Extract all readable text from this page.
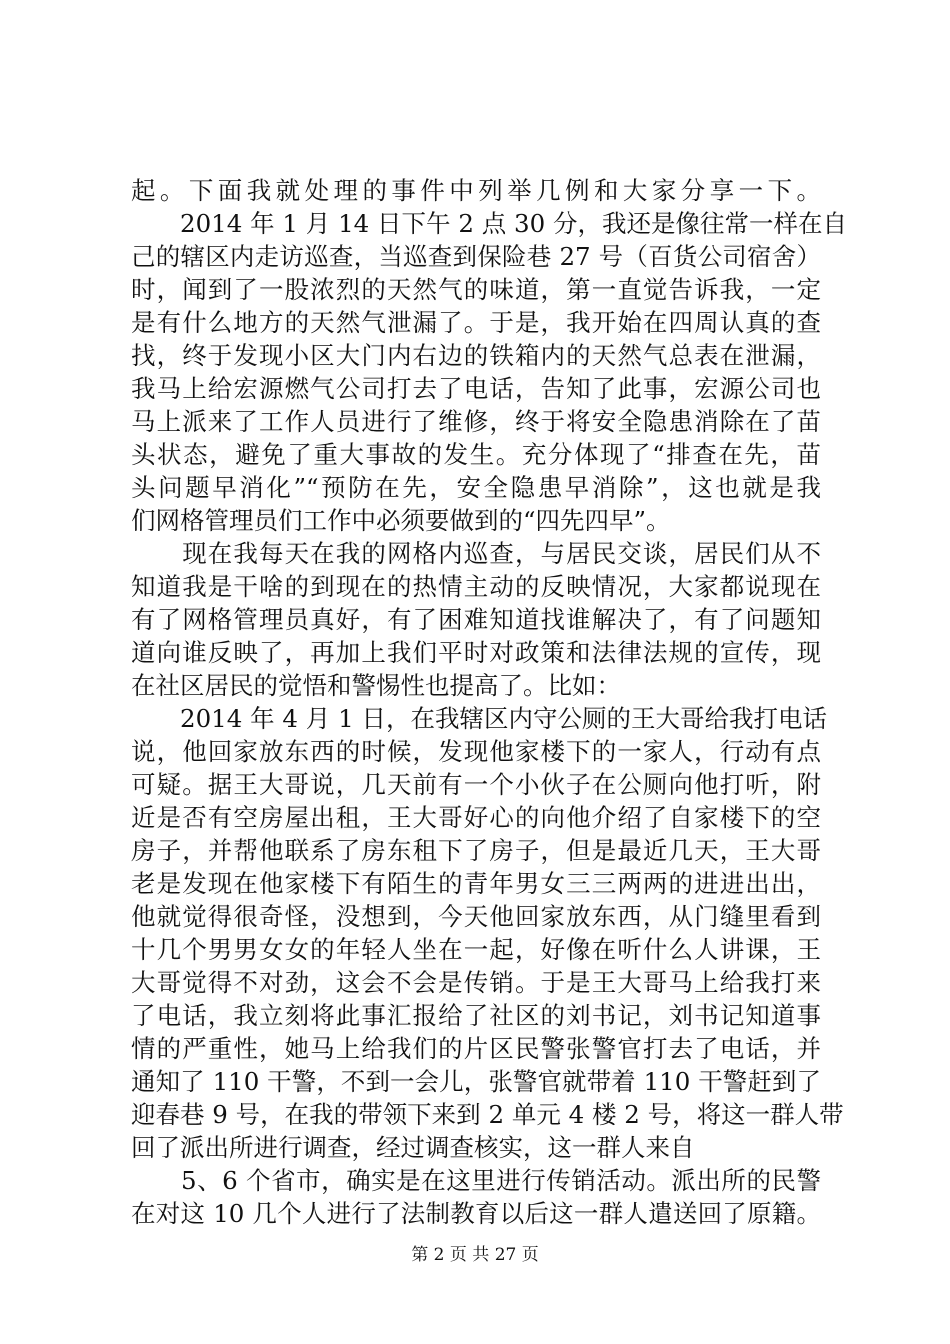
起。下面我就处理的事件中列举几例和大家分享一下。
　　2014 年 1 月 14 日下午 2 点 30 分，我还是像往常一样在自
己的辖区内走访巡查，当巡查到保险巷 27 号（百货公司宿舍）
时，闻到了一股浓烈的天然气的味道，第一直觉告诉我，一定
是有什么地方的天然气泄漏了。于是，我开始在四周认真的查
找，终于发现小区大门内右边的铁箱内的天然气总表在泄漏，
我马上给宏源燃气公司打去了电话，告知了此事，宏源公司也
马上派来了工作人员进行了维修，终于将安全隐患消除在了苗
头状态，避免了重大事故的发生。充分体现了“排查在先，苗
头问题早消化”“预防在先，安全隐患早消除”，这也就是我
们网格管理员们工作中必须要做到的“四先四早”。
　　现在我每天在我的网格内巡查，与居民交谈，居民们从不
知道我是干啥的到现在的热情主动的反映情况，大家都说现在
有了网格管理员真好，有了困难知道找谁解决了，有了问题知
道向谁反映了，再加上我们平时对政策和法律法规的宣传，现
在社区居民的觉悟和警惕性也提高了。比如：
　　2014 年 4 月 1 日，在我辖区内守公厕的王大哥给我打电话
说，他回家放东西的时候，发现他家楼下的一家人，行动有点
可疑。据王大哥说，几天前有一个小伙子在公厕向他打听，附
近是否有空房屋出租，王大哥好心的向他介绍了自家楼下的空
房子，并帮他联系了房东租下了房子，但是最近几天，王大哥
老是发现在他家楼下有陌生的青年男女三三两两的进进出出，
他就觉得很奇怪，没想到，今天他回家放东西，从门缝里看到
十几个男男女女的年轻人坐在一起，好像在听什么人讲课，王
大哥觉得不对劲，这会不会是传销。于是王大哥马上给我打来
了电话，我立刻将此事汇报给了社区的刘书记，刘书记知道事
情的严重性，她马上给我们的片区民警张警官打去了电话，并
通知了 110 干警，不到一会儿，张警官就带着 110 干警赶到了
迎春巷 9 号，在我的带领下来到 2 单元 4 楼 2 号，将这一群人带
回了派出所进行调查，经过调查核实，这一群人来自
　　5、6 个省市，确实是在这里进行传销活动。派出所的民警
在对这 10 几个人进行了法制教育以后这一群人遣送回了原籍。
第 2 页 共 27 页
